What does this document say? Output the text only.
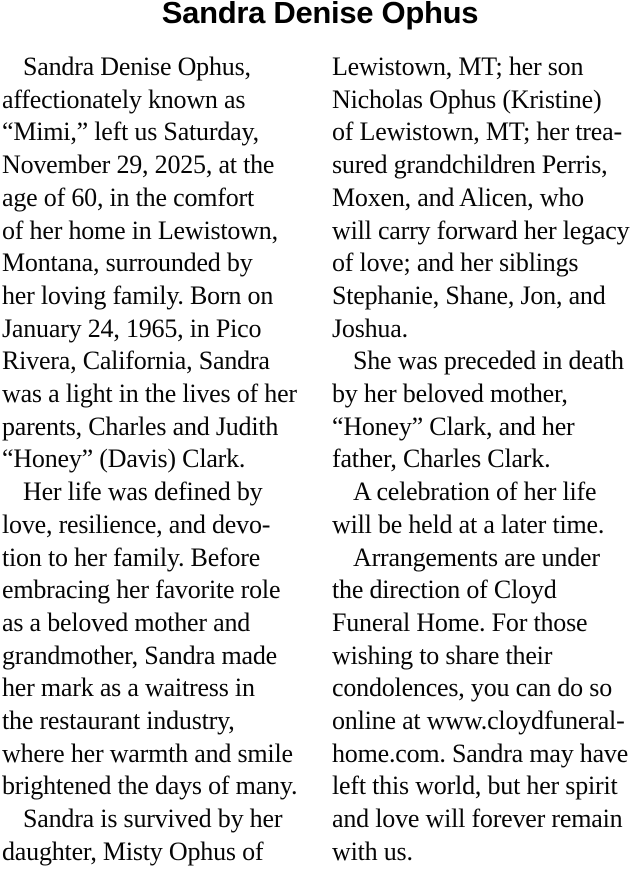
Sandra Denise Ophus
Sandra Denise Ophus,
affectionately known as
“Mimi,” left us Saturday,
November 29, 2025, at the
age of 60, in the comfort
of her home in Lewistown,
Montana, surrounded by
her loving family. Born on
January 24, 1965, in Pico
Rivera, California, Sandra
was a light in the lives of her
parents, Charles and Judith
“Honey” (Davis) Clark.
Her life was defined by
love, resilience, and devo-
tion to her family. Before
embracing her favorite role
as a beloved mother and
grandmother, Sandra made
her mark as a waitress in
the restaurant industry,
where her warmth and smile
brightened the days of many.
Sandra is survived by her
daughter, Misty Ophus of
Lewistown, MT; her son
Nicholas Ophus (Kristine)
of Lewistown, MT; her trea-
sured grandchildren Perris,
Moxen, and Alicen, who
will carry forward her legacy
of love; and her siblings
Stephanie, Shane, Jon, and
Joshua.
She was preceded in death
by her beloved mother,
“Honey” Clark, and her
father, Charles Clark.
A celebration of her life
will be held at a later time.
Arrangements are under
the direction of Cloyd
Funeral Home. For those
wishing to share their
condolences, you can do so
online at www.cloydfuneral-
home.com. Sandra may have
left this world, but her spirit
and love will forever remain
with us.
